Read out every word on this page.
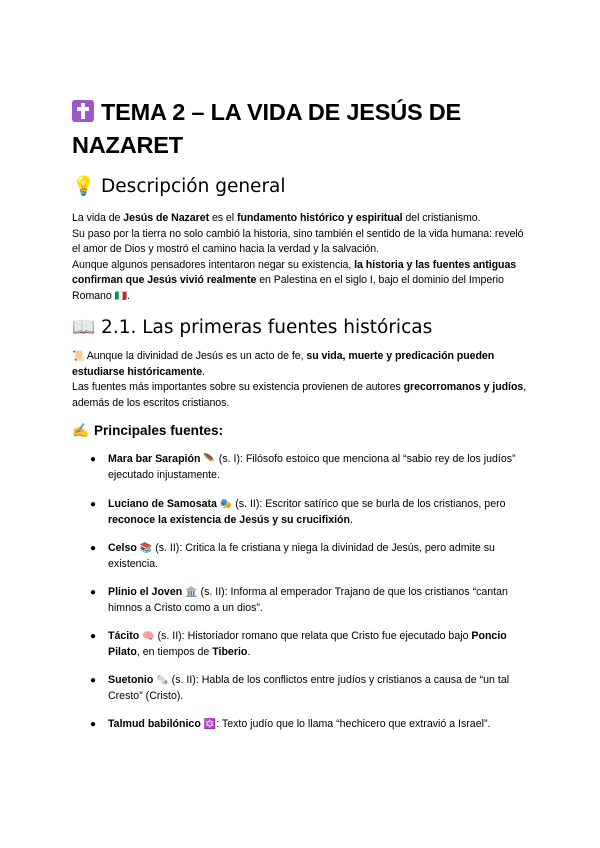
TEMA 2 – LA VIDA DE JESÚS DE NAZARET
💡 Descripción general
La vida de Jesús de Nazaret es el fundamento histórico y espiritual del cristianismo.
Su paso por la tierra no solo cambió la historia, sino también el sentido de la vida humana: reveló el amor de Dios y mostró el camino hacia la verdad y la salvación.
Aunque algunos pensadores intentaron negar su existencia, la historia y las fuentes antiguas confirman que Jesús vivió realmente en Palestina en el siglo I, bajo el dominio del Imperio Romano 🇮🇹.
📖 2.1. Las primeras fuentes históricas
📜 Aunque la divinidad de Jesús es un acto de fe, su vida, muerte y predicación pueden estudiarse históricamente.
Las fuentes más importantes sobre su existencia provienen de autores grecorromanos y judíos, además de los escritos cristianos.
✍️ Principales fuentes:
● Mara bar Sarapión 🪶 (s. I): Filósofo estoico que menciona al “sabio rey de los judíos” ejecutado injustamente.
● Luciano de Samosata 🎭 (s. II): Escritor satírico que se burla de los cristianos, pero reconoce la existencia de Jesús y su crucifixión.
● Celso 📚 (s. II): Critica la fe cristiana y niega la divinidad de Jesús, pero admite su existencia.
● Plinio el Joven 🏛️ (s. II): Informa al emperador Trajano de que los cristianos “cantan himnos a Cristo como a un dios”.
● Tácito 🧠 (s. II): Historiador romano que relata que Cristo fue ejecutado bajo Poncio Pilato, en tiempos de Tiberio.
● Suetonio 🗞️ (s. II): Habla de los conflictos entre judíos y cristianos a causa de “un tal Cresto” (Cristo).
● Talmud babilónico 🔯: Texto judío que lo llama “hechicero que extravió a Israel”.
